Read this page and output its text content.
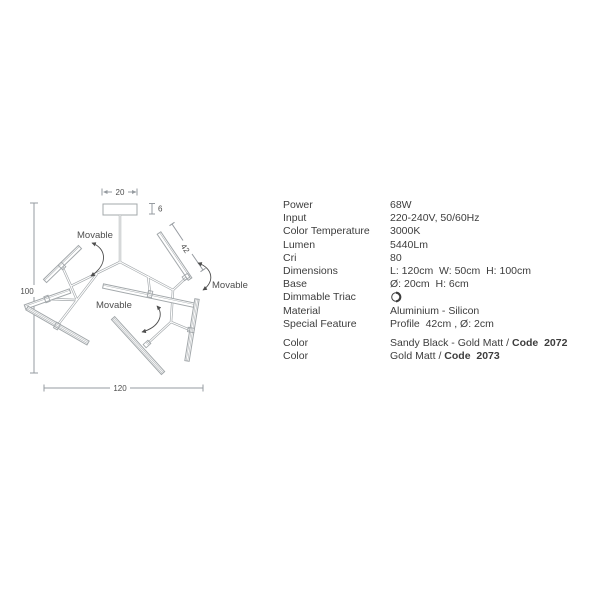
20
6
100
120
42
Movable
Movable
Movable
Power	68W
Input	220-240V, 50/60Hz
Color Temperature	3000K
Lumen	5440Lm
Cri	80
Dimensions	L: 120cm  W: 50cm  H: 100cm
Base	Ø: 20cm  H: 6cm
Dimmable Triac
Material	Aluminium - Silicon
Special Feature	Profile  42cm , Ø: 2cm
Color	Sandy Black - Gold Matt / Code  2072
Color	Gold Matt / Code  2073
